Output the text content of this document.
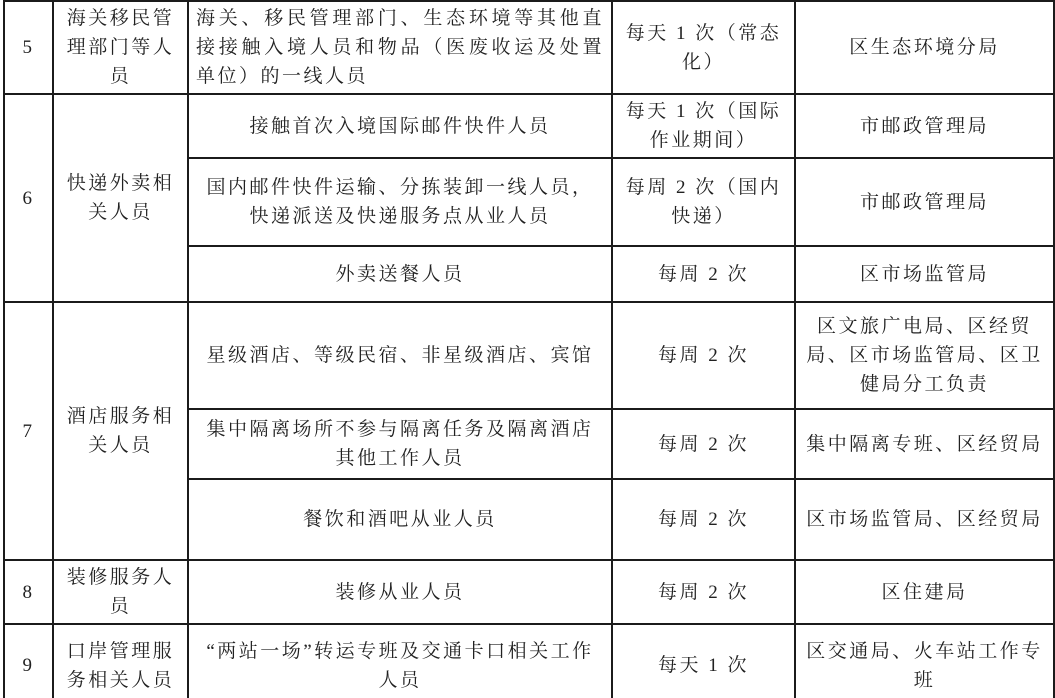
5	海关移民管理部门等人员	海关、移民管理部门、生态环境等其他直接接触入境人员和物品（医废收运及处置单位）的一线人员	每天 1 次（常态化）	区生态环境分局
6	快递外卖相关人员	接触首次入境国际邮件快件人员	每天 1 次（国际作业期间）	市邮政管理局
		国内邮件快件运输、分拣装卸一线人员，快递派送及快递服务点从业人员	每周 2 次（国内快递）	市邮政管理局
		外卖送餐人员	每周 2 次	区市场监管局
7	酒店服务相关人员	星级酒店、等级民宿、非星级酒店、宾馆	每周 2 次	区文旅广电局、区经贸局、区市场监管局、区卫健局分工负责
		集中隔离场所不参与隔离任务及隔离酒店其他工作人员	每周 2 次	集中隔离专班、区经贸局
		餐饮和酒吧从业人员	每周 2 次	区市场监管局、区经贸局
8	装修服务人员	装修从业人员	每周 2 次	区住建局
9	口岸管理服务相关人员	“两站一场”转运专班及交通卡口相关工作人员	每天 1 次	区交通局、火车站工作专班
